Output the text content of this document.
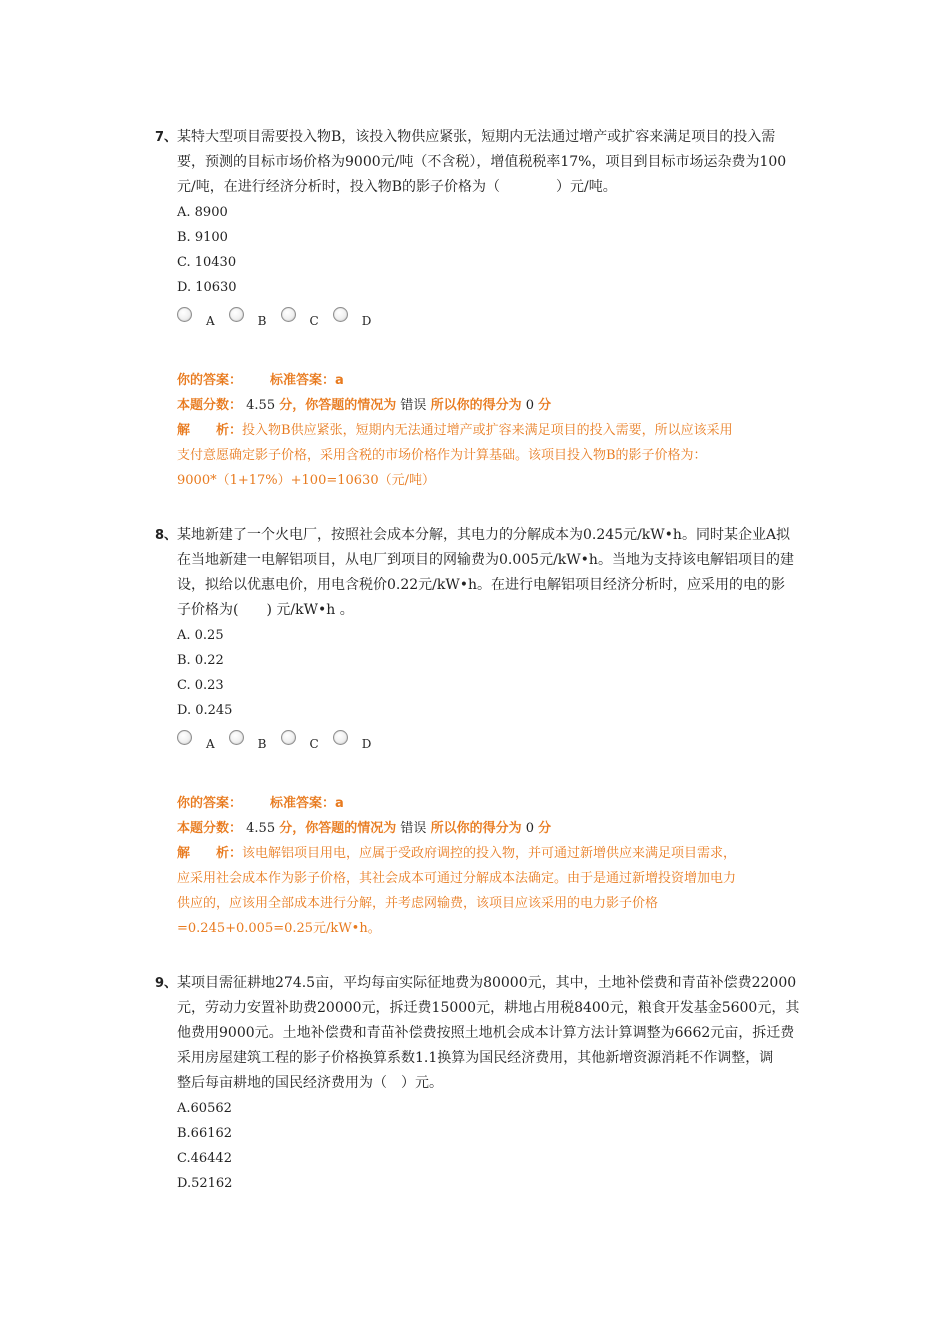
7、 某特大型项目需要投入物B，该投入物供应紧张，短期内无法通过增产或扩容来满足项目的投入需
要，预测的目标市场价格为9000元/吨（不含税），增值税税率17%，项目到目标市场运杂费为100
元/吨，在进行经济分析时，投入物B的影子价格为（　　　　）元/吨。
A. 8900
B. 9100
C. 10430
D. 10630
A	B	C	D
你的答案： 标准答案：a
本题分数： 4.55 分，你答题的情况为 错误 所以你的得分为 0 分
解　　析：投入物B供应紧张，短期内无法通过增产或扩容来满足项目的投入需要，所以应该采用
支付意愿确定影子价格，采用含税的市场价格作为计算基础。该项目投入物B的影子价格为：
9000*（1+17%）+100=10630（元/吨）
8、 某地新建了一个火电厂，按照社会成本分解，其电力的分解成本为0.245元/kW•h。同时某企业A拟
在当地新建一电解铝项目，从电厂到项目的网输费为0.005元/kW•h。当地为支持该电解铝项目的建
设，拟给以优惠电价，用电含税价0.22元/kW•h。在进行电解铝项目经济分析时，应采用的电的影
子价格为(　　) 元/kW•h 。
A. 0.25
B. 0.22
C. 0.23
D. 0.245
A	B	C	D
你的答案： 标准答案：a
本题分数： 4.55 分，你答题的情况为 错误 所以你的得分为 0 分
解　　析：该电解铝项目用电，应属于受政府调控的投入物，并可通过新增供应来满足项目需求，
应采用社会成本作为影子价格，其社会成本可通过分解成本法确定。由于是通过新增投资增加电力
供应的，应该用全部成本进行分解，并考虑网输费，该项目应该采用的电力影子价格
=0.245+0.005=0.25元/kW•h。
9、 某项目需征耕地274.5亩，平均每亩实际征地费为80000元，其中，土地补偿费和青苗补偿费22000
元，劳动力安置补助费20000元，拆迁费15000元，耕地占用税8400元，粮食开发基金5600元，其
他费用9000元。土地补偿费和青苗补偿费按照土地机会成本计算方法计算调整为6662元亩，拆迁费
采用房屋建筑工程的影子价格换算系数1.1换算为国民经济费用，其他新增资源消耗不作调整，调
整后每亩耕地的国民经济费用为（　）元。
A.60562
B.66162
C.46442
D.52162
